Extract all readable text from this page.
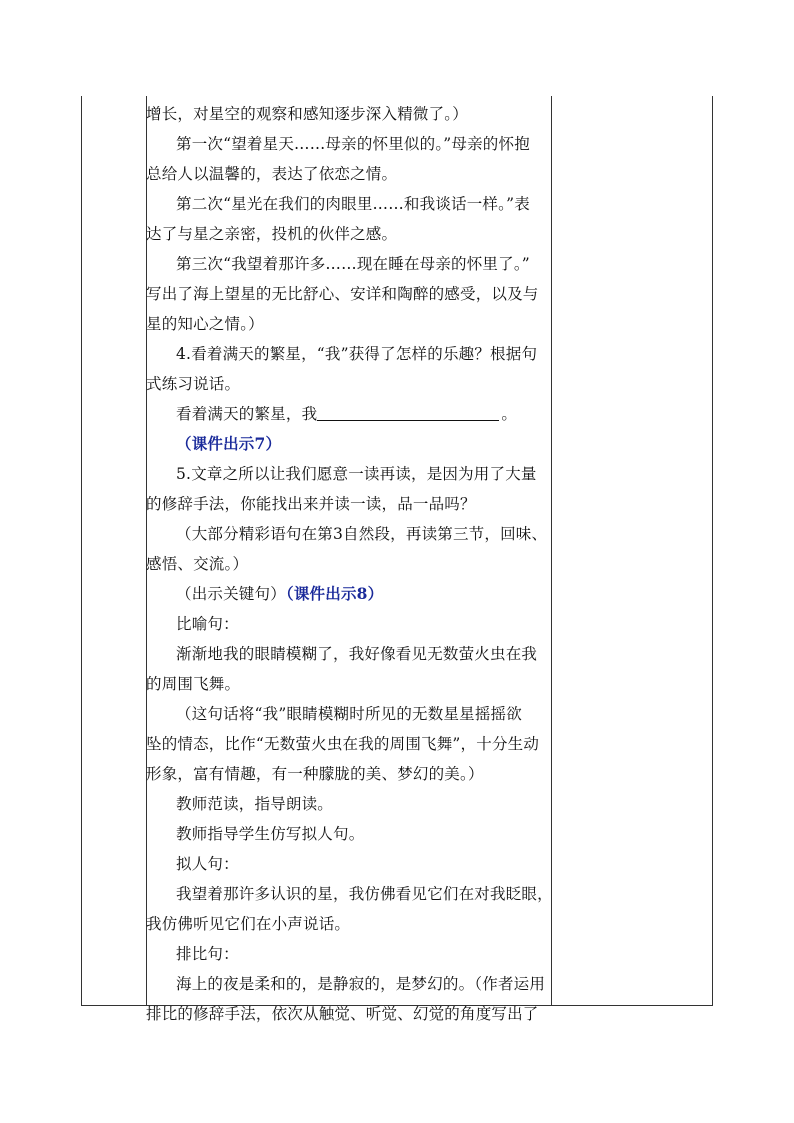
增长，对星空的观察和感知逐步深入精微了。）
第一次“望着星天……母亲的怀里似的。”母亲的怀抱
总给人以温馨的，表达了依恋之情。
第二次“星光在我们的肉眼里……和我谈话一样。”表
达了与星之亲密，投机的伙伴之感。
第三次“我望着那许多……现在睡在母亲的怀里了。”
写出了海上望星的无比舒心、安详和陶醉的感受，以及与
星的知心之情。）
4.看着满天的繁星，“我”获得了怎样的乐趣？根据句
式练习说话。
看着满天的繁星，我	。
（课件出示7）
5.文章之所以让我们愿意一读再读，是因为用了大量
的修辞手法，你能找出来并读一读，品一品吗？
（大部分精彩语句在第3自然段，再读第三节，回味、
感悟、交流。）
（出示关键句）（课件出示8）
比喻句：
渐渐地我的眼睛模糊了，我好像看见无数萤火虫在我
的周围飞舞。
（这句话将“我”眼睛模糊时所见的无数星星摇摇欲
坠的情态，比作“无数萤火虫在我的周围飞舞”，十分生动
形象，富有情趣，有一种朦胧的美、梦幻的美。）
教师范读，指导朗读。
教师指导学生仿写拟人句。
拟人句：
我望着那许多认识的星，我仿佛看见它们在对我眨眼，
我仿佛听见它们在小声说话。
排比句：
海上的夜是柔和的，是静寂的，是梦幻的。（作者运用
排比的修辞手法，依次从触觉、听觉、幻觉的角度写出了
